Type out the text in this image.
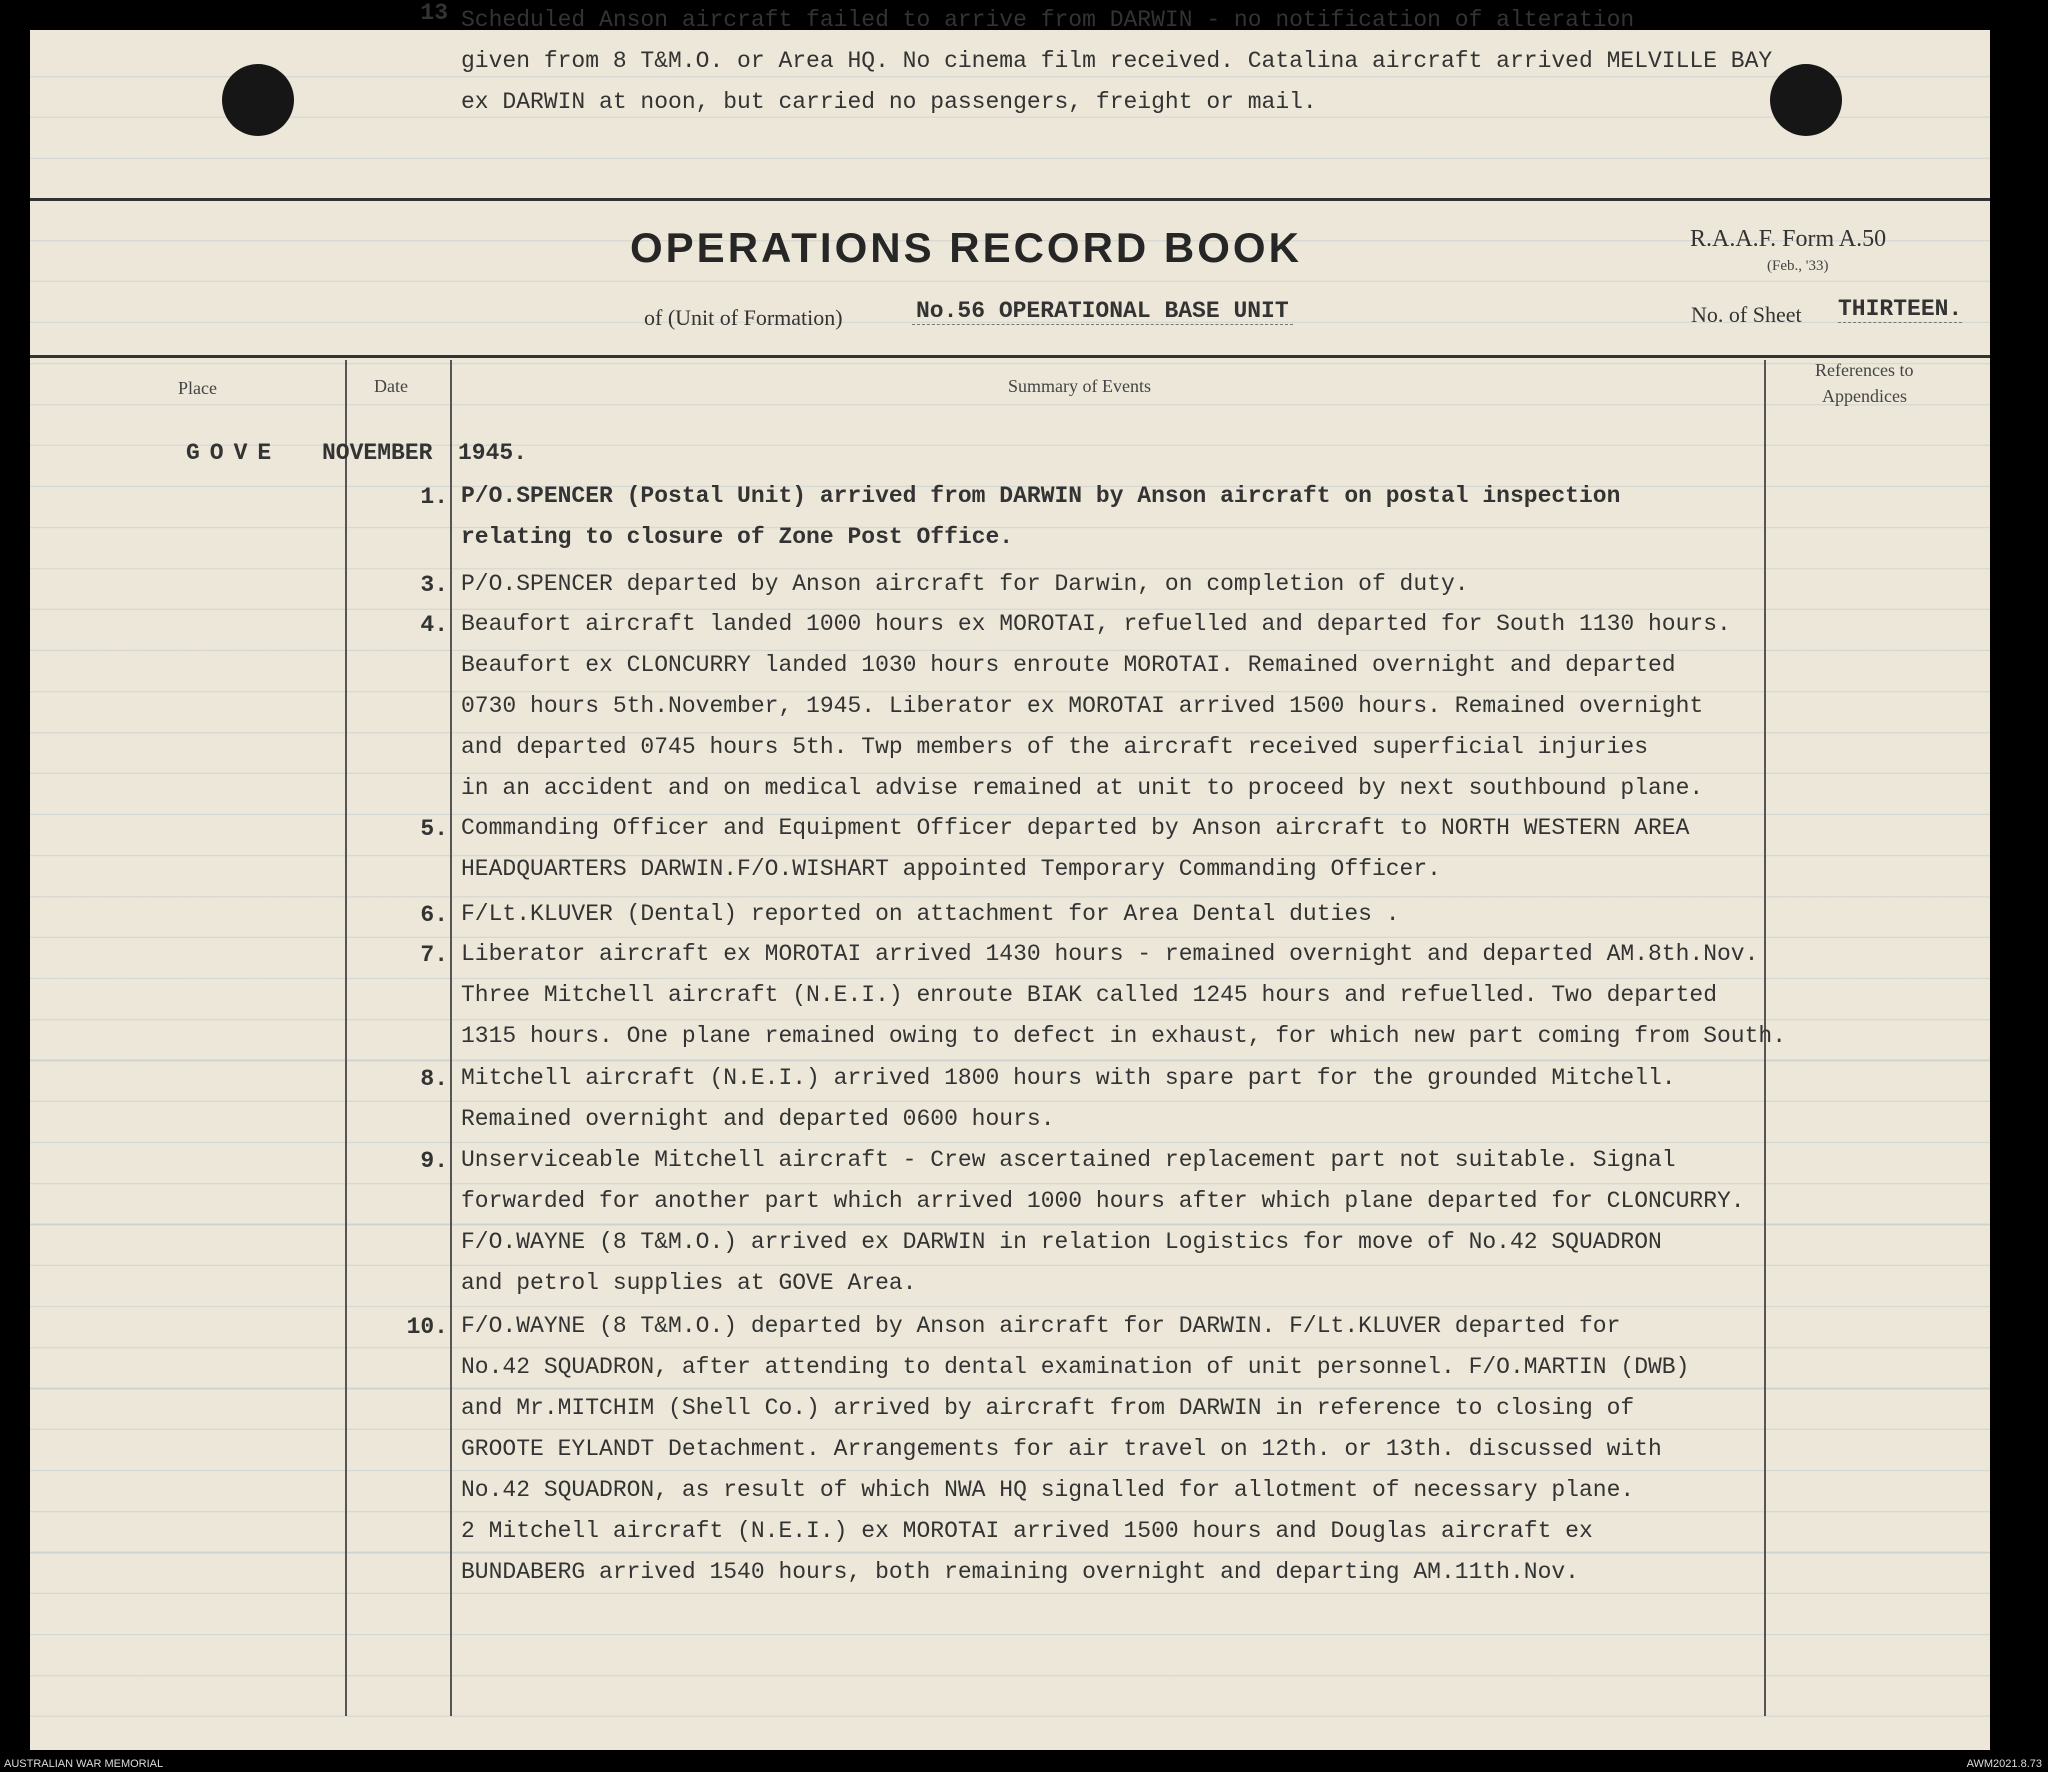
OPERATIONS RECORD BOOK	R.A.A.F. Form A.50
(Feb., '33)
of (Unit of Formation)	No.56 OPERATIONAL BASE UNIT	No. of Sheet THIRTEEN.
Place	Date	Summary of Events
References to
Appendices
GOVE NOVEMBER 1945.
1. P/O.SPENCER (Postal Unit) arrived from DARWIN by Anson aircraft on postal inspection
relating to closure of Zone Post Office.
3. P/O.SPENCER departed by Anson aircraft for Darwin, on completion of duty.
4. Beaufort aircraft landed 1000 hours ex MOROTAI, refuelled and departed for South 1130 hours.
Beaufort ex CLONCURRY landed 1030 hours enroute MOROTAI. Remained overnight and departed
0730 hours 5th.November, 1945. Liberator ex MOROTAI arrived 1500 hours. Remained overnight
and departed 0745 hours 5th. Twp members of the aircraft received superficial injuries
in an accident and on medical advise remained at unit to proceed by next southbound plane.
5. Commanding Officer and Equipment Officer departed by Anson aircraft to NORTH WESTERN AREA
HEADQUARTERS DARWIN.F/O.WISHART appointed Temporary Commanding Officer.
6. F/Lt.KLUVER (Dental) reported on attachment for Area Dental duties .
7. Liberator aircraft ex MOROTAI arrived 1430 hours - remained overnight and departed AM.8th.Nov.
Three Mitchell aircraft (N.E.I.) enroute BIAK called 1245 hours and refuelled. Two departed
1315 hours. One plane remained owing to defect in exhaust, for which new part coming from South.
8. Mitchell aircraft (N.E.I.) arrived 1800 hours with spare part for the grounded Mitchell.
Remained overnight and departed 0600 hours.
9. Unserviceable Mitchell aircraft - Crew ascertained replacement part not suitable. Signal
forwarded for another part which arrived 1000 hours after which plane departed for CLONCURRY.
F/O.WAYNE (8 T&M.O.) arrived ex DARWIN in relation Logistics for move of No.42 SQUADRON
and petrol supplies at GOVE Area.
10. F/O.WAYNE (8 T&M.O.) departed by Anson aircraft for DARWIN. F/Lt.KLUVER departed for
No.42 SQUADRON, after attending to dental examination of unit personnel. F/O.MARTIN (DWB)
and Mr.MITCHIM (Shell Co.) arrived by aircraft from DARWIN in reference to closing of
GROOTE EYLANDT Detachment. Arrangements for air travel on 12th. or 13th. discussed with
No.42 SQUADRON, as result of which NWA HQ signalled for allotment of necessary plane.
2 Mitchell aircraft (N.E.I.) ex MOROTAI arrived 1500 hours and Douglas aircraft ex
BUNDABERG arrived 1540 hours, both remaining overnight and departing AM.11th.Nov.
13 Scheduled Anson aircraft failed to arrive from DARWIN - no notification of alteration
given from 8 T&M.O. or Area HQ. No cinema film received. Catalina aircraft arrived MELVILLE BAY
ex DARWIN at noon, but carried no passengers, freight or mail.
AUSTRALIAN WAR MEMORIAL	AWM2021.8.73
